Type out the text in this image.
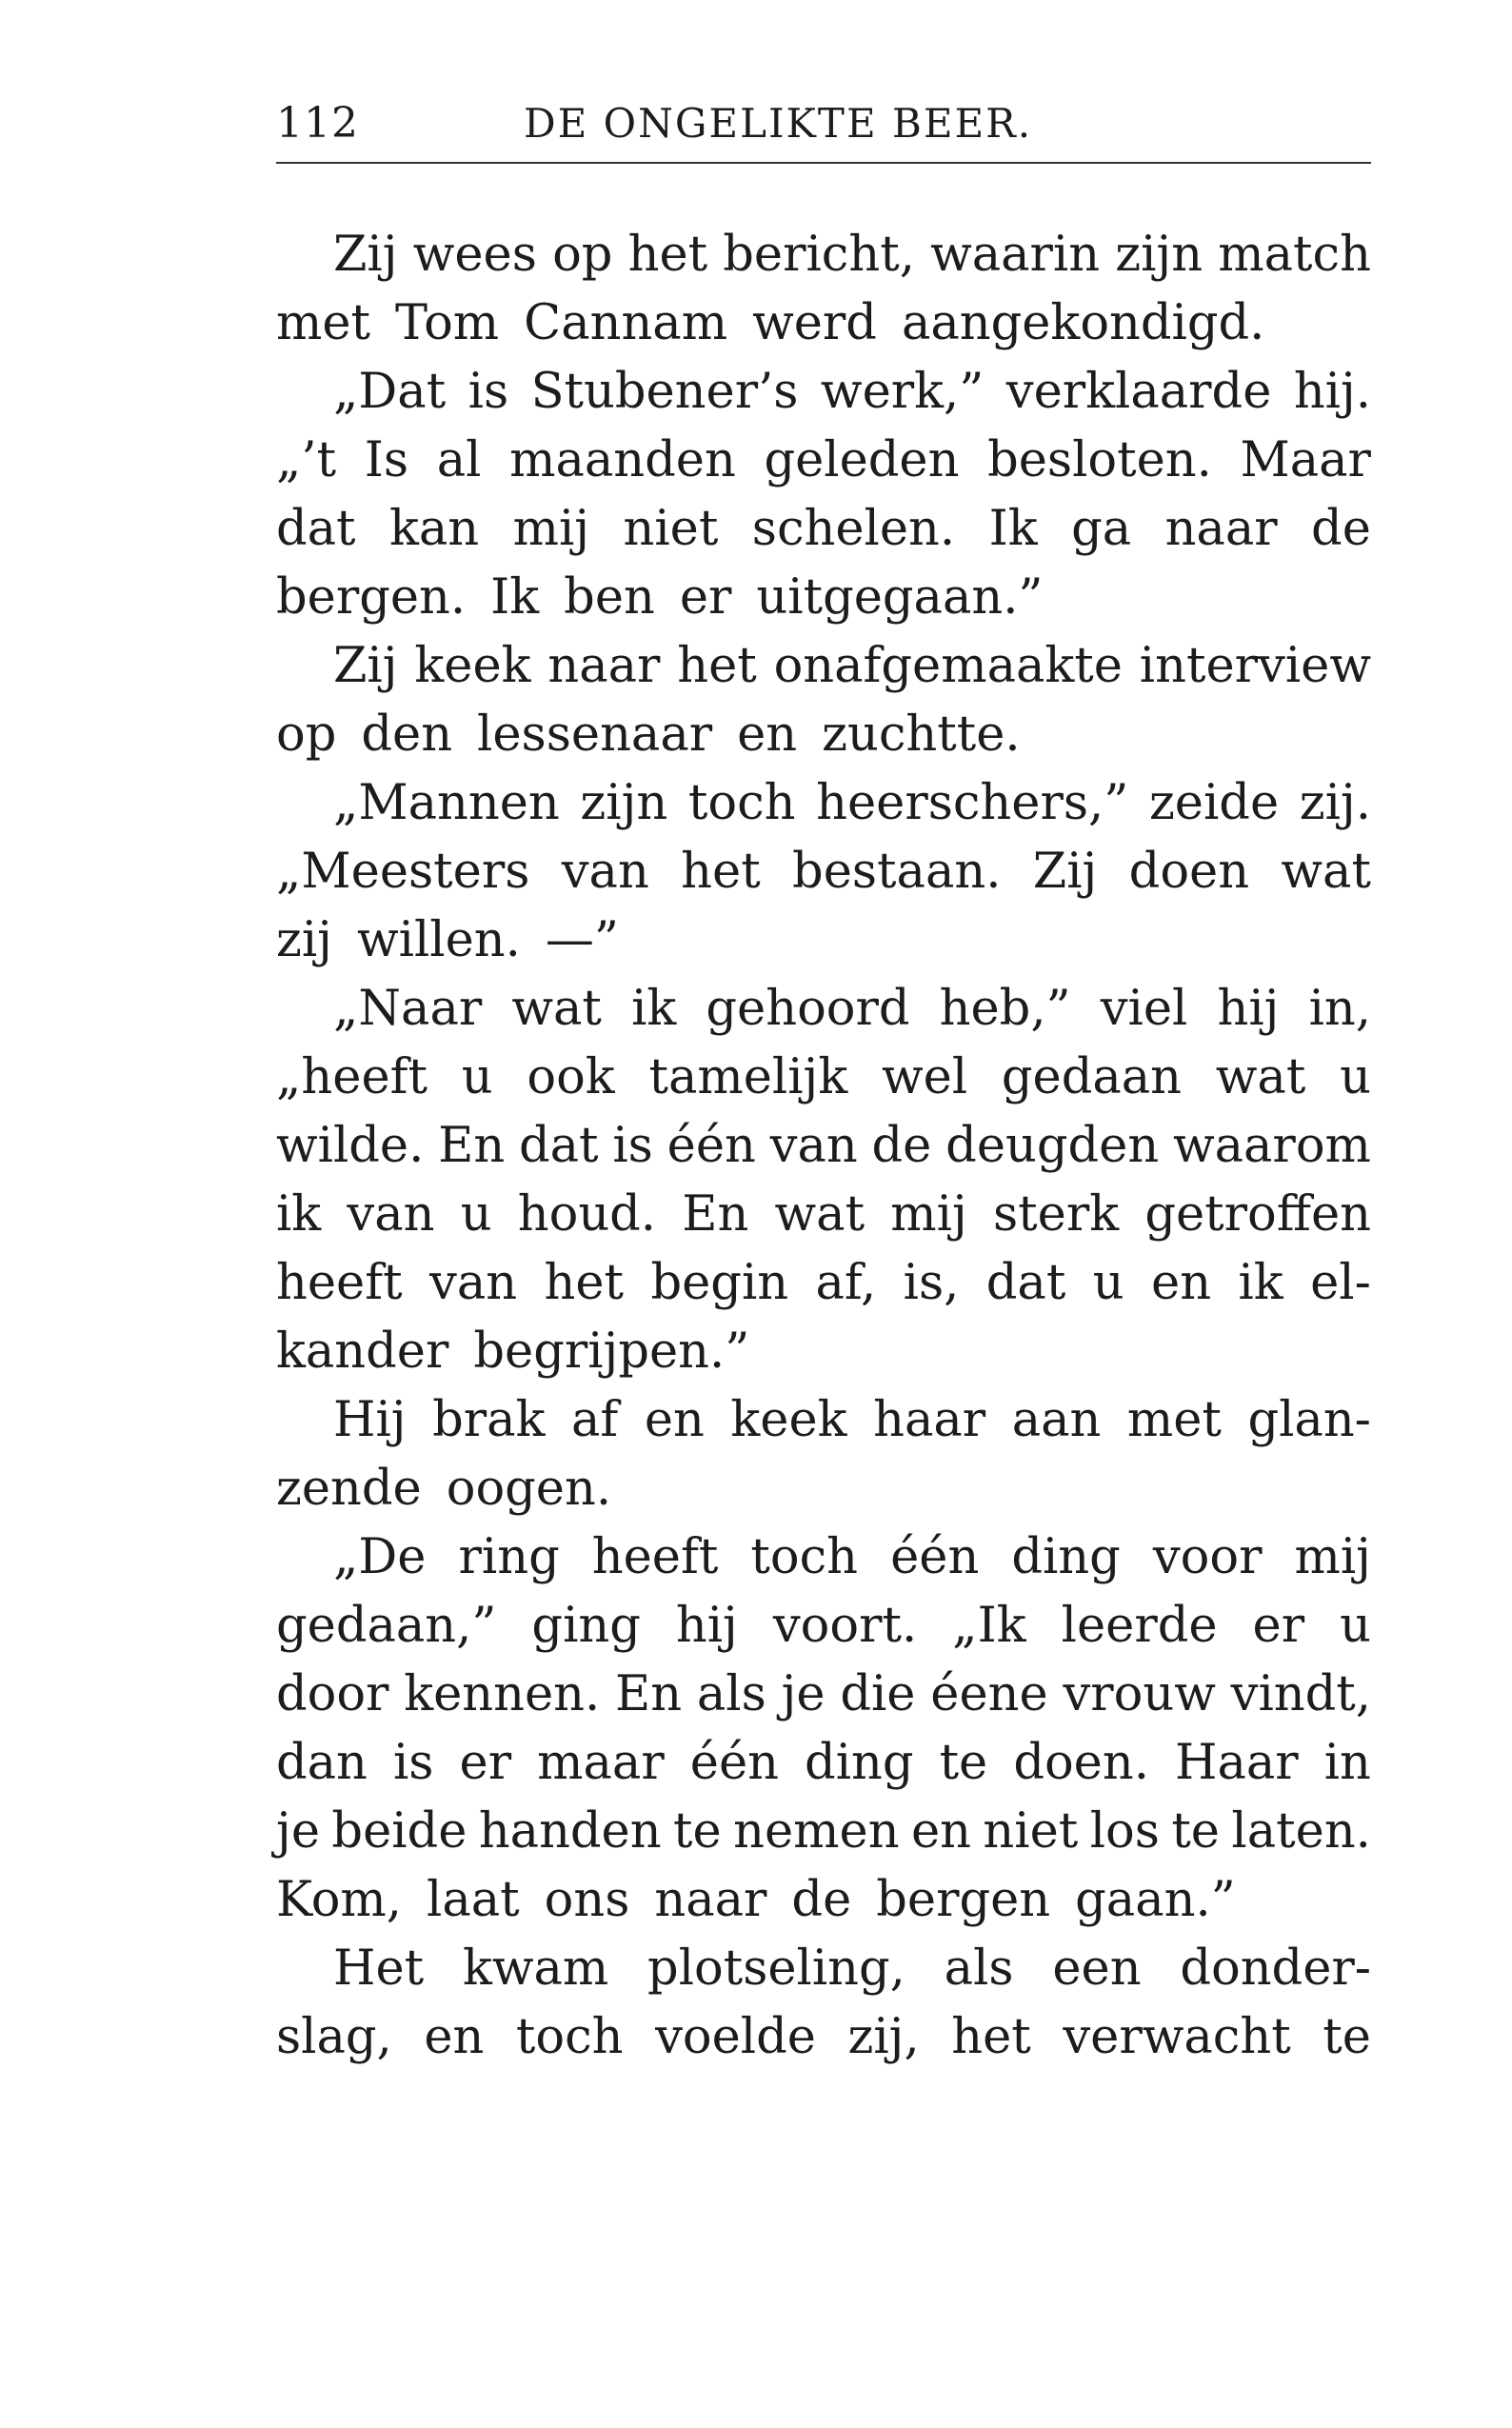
112	DE ONGELIKTE BEER.
Zij wees op het bericht, waarin zijn match
met Tom Cannam werd aangekondigd.
„Dat is Stubener’s werk,” verklaarde hij.
„’t Is al maanden geleden besloten. Maar
dat kan mij niet schelen. Ik ga naar de
bergen. Ik ben er uitgegaan.”
Zij keek naar het onafgemaakte interview
op den lessenaar en zuchtte.
„Mannen zijn toch heerschers,” zeide zij.
„Meesters van het bestaan. Zij doen wat
zij willen. —”
„Naar wat ik gehoord heb,” viel hij in,
„heeft u ook tamelijk wel gedaan wat u
wilde. En dat is één van de deugden waarom
ik van u houd. En wat mij sterk getroffen
heeft van het begin af, is, dat u en ik el-
kander begrijpen.”
Hij brak af en keek haar aan met glan-
zende oogen.
„De ring heeft toch één ding voor mij
gedaan,” ging hij voort. „Ik leerde er u
door kennen. En als je die éene vrouw vindt,
dan is er maar één ding te doen. Haar in
je beide handen te nemen en niet los te laten.
Kom, laat ons naar de bergen gaan.”
Het kwam plotseling, als een donder-
slag, en toch voelde zij, het verwacht te
